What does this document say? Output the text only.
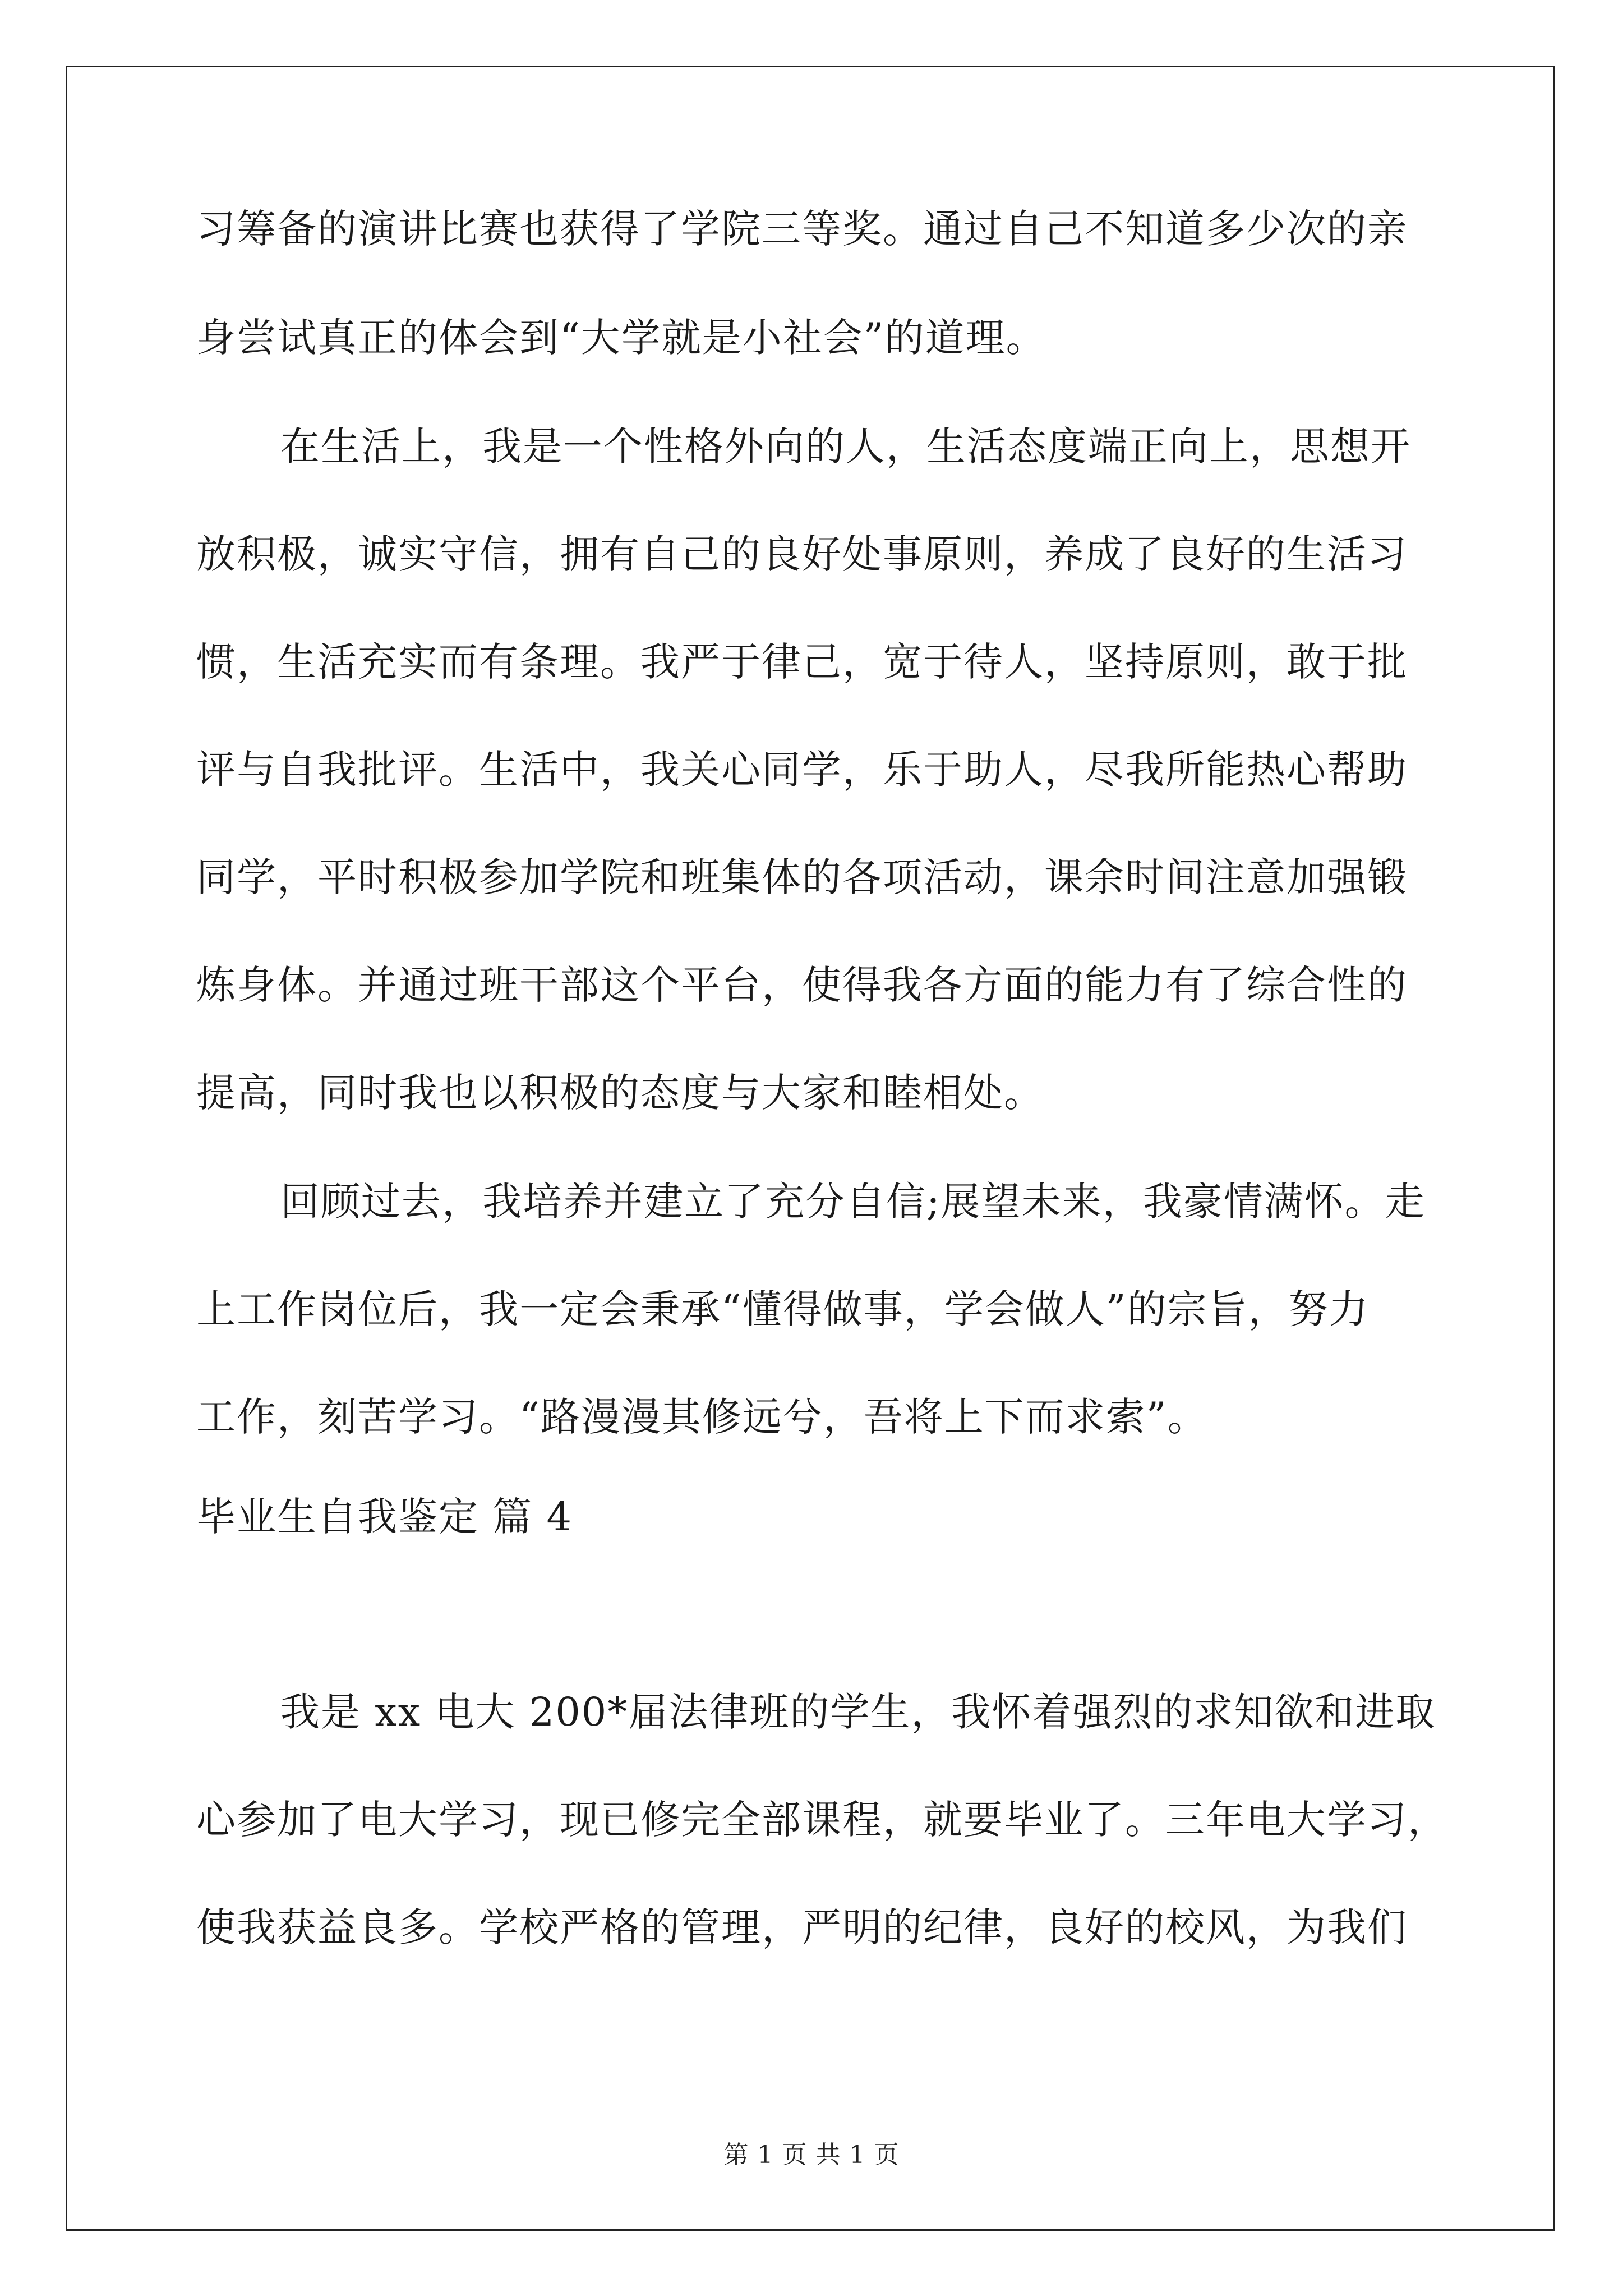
习筹备的演讲比赛也获得了学院三等奖。通过自己不知道多少次的亲
身尝试真正的体会到“大学就是小社会”的道理。
在生活上，我是一个性格外向的人，生活态度端正向上，思想开
放积极，诚实守信，拥有自己的良好处事原则，养成了良好的生活习
惯，生活充实而有条理。我严于律己，宽于待人，坚持原则，敢于批
评与自我批评。生活中，我关心同学，乐于助人，尽我所能热心帮助
同学，平时积极参加学院和班集体的各项活动，课余时间注意加强锻
炼身体。并通过班干部这个平台，使得我各方面的能力有了综合性的
提高，同时我也以积极的态度与大家和睦相处。
回顾过去，我培养并建立了充分自信;展望未来，我豪情满怀。走
上工作岗位后，我一定会秉承“懂得做事，学会做人”的宗旨，努力
工作，刻苦学习。“路漫漫其修远兮，吾将上下而求索”。
毕业生自我鉴定 篇 4
我是 xx 电大 200*届法律班的学生，我怀着强烈的求知欲和进取
心参加了电大学习，现已修完全部课程，就要毕业了。三年电大学习，
使我获益良多。学校严格的管理，严明的纪律，良好的校风，为我们
第 1 页 共 1 页
